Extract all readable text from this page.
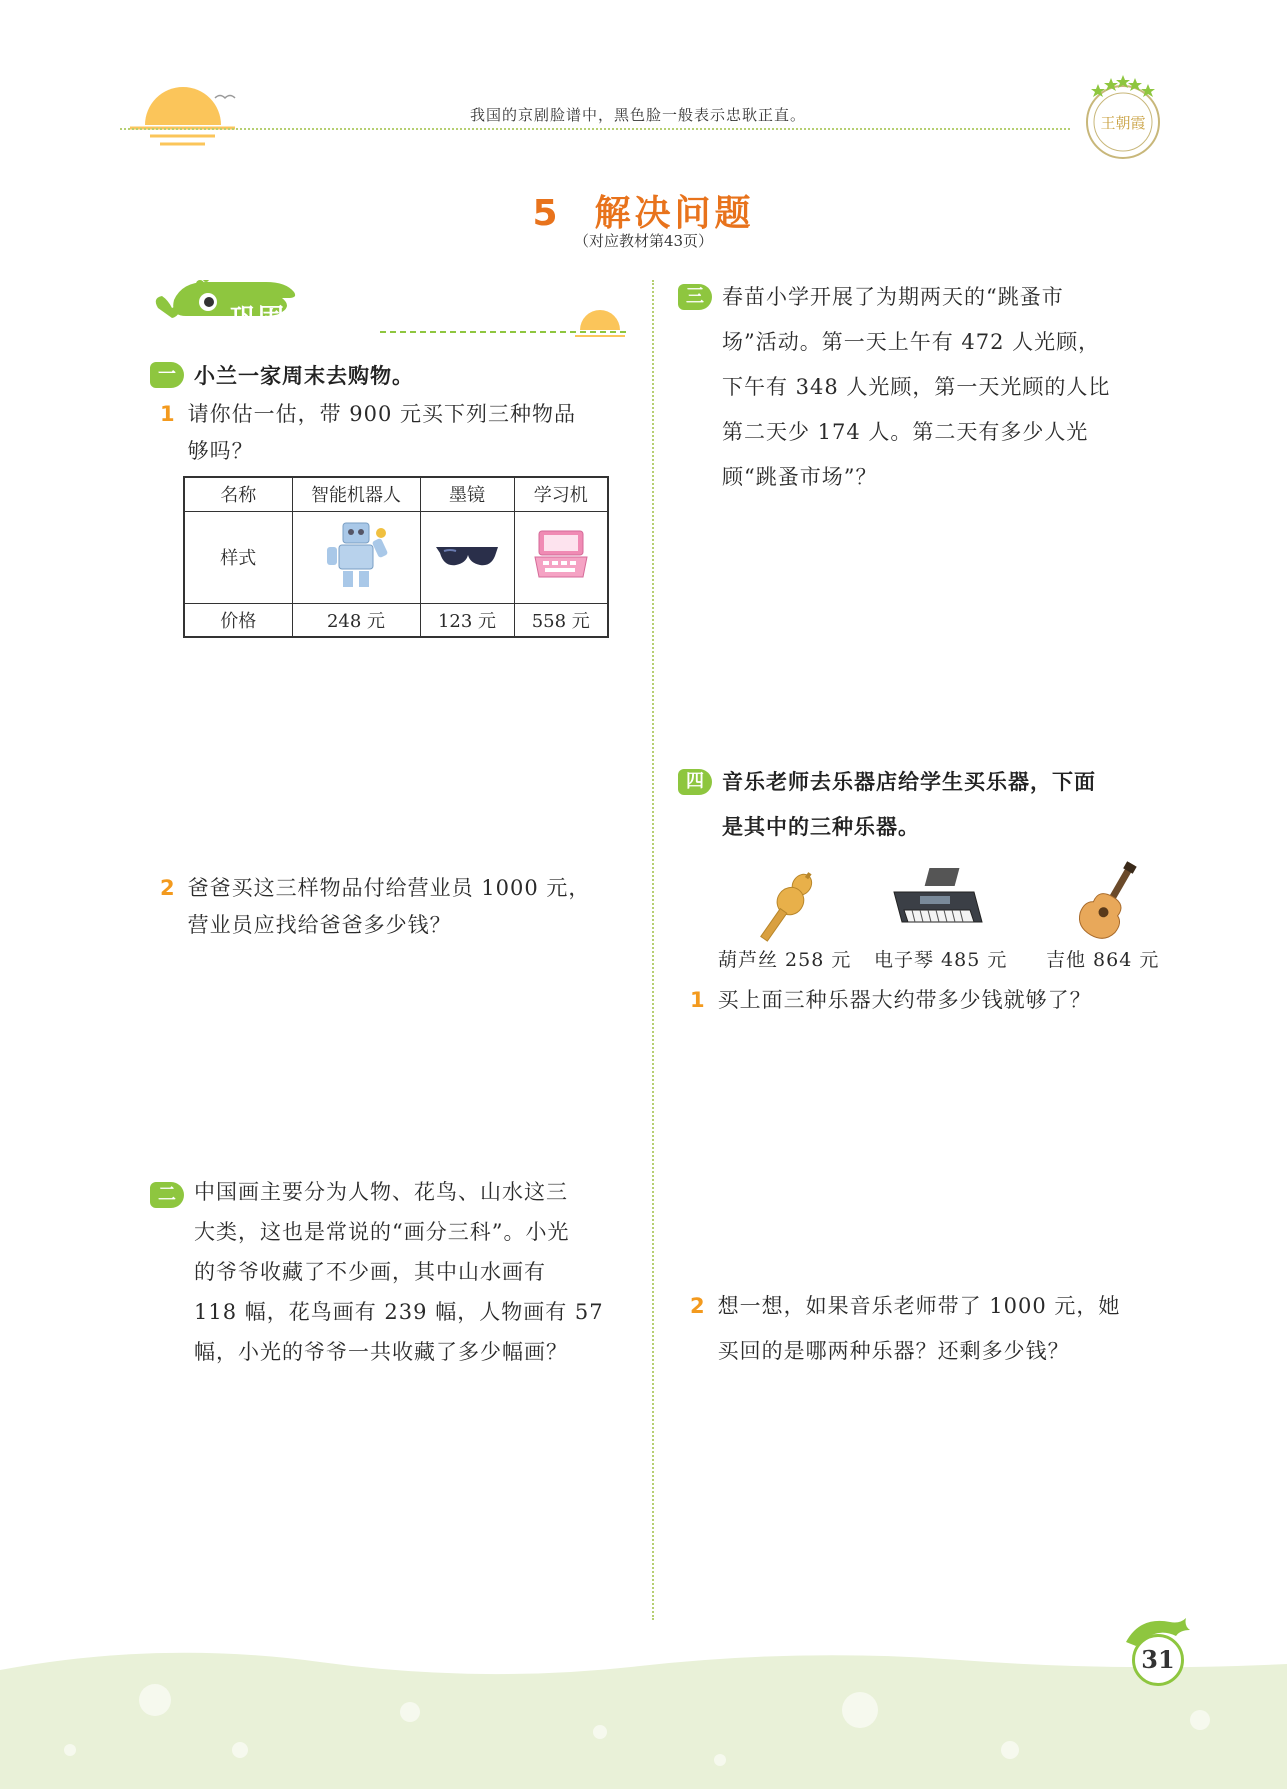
我国的京剧脸谱中，黑色脸一般表示忠耿正直。	王朝霞
5  解决问题
（对应教材第43页）
巩固提升
一 小兰一家周末去购物。
1 请你估一估，带 900 元买下列三种物品
够吗？
名称	智能机器人	墨镜	学习机
样式			
价格	248 元	123 元	558 元
2 爸爸买这三样物品付给营业员 1000 元，
营业员应找给爸爸多少钱？
二 中国画主要分为人物、花鸟、山水这三
大类，这也是常说的“画分三科”。小光
的爷爷收藏了不少画，其中山水画有
118 幅，花鸟画有 239 幅，人物画有 57
幅，小光的爷爷一共收藏了多少幅画？
三 春苗小学开展了为期两天的“跳蚤市
场”活动。第一天上午有 472 人光顾，
下午有 348 人光顾，第一天光顾的人比
第二天少 174 人。第二天有多少人光
顾“跳蚤市场”？
四 音乐老师去乐器店给学生买乐器，下面
是其中的三种乐器。
葫芦丝 258 元 电子琴 485 元 吉他 864 元
1 买上面三种乐器大约带多少钱就够了？
2 想一想，如果音乐老师带了 1000 元，她
买回的是哪两种乐器？还剩多少钱？
31
